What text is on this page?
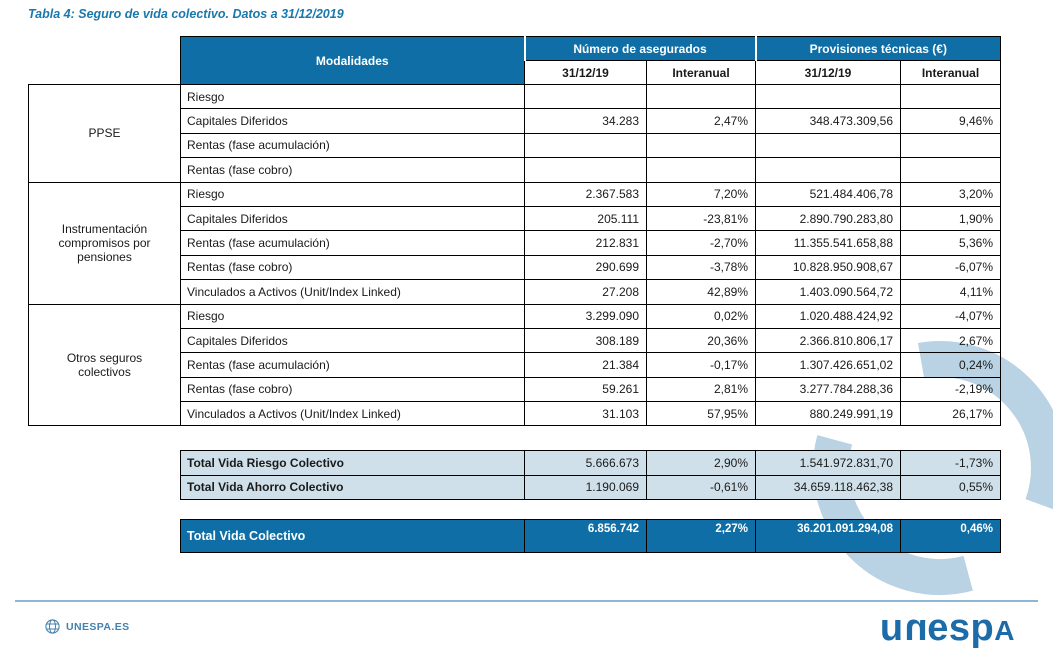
Tabla 4: Seguro de vida colectivo. Datos a 31/12/2019
Modalidades	Número de asegurados		Provisiones técnicas (€)	
	31/12/19	Interanual	31/12/19	Interanual
PPSE	Riesgo				
	Capitales Diferidos	34.283	2,47%	348.473.309,56	9,46%
	Rentas (fase acumulación)				
	Rentas (fase cobro)				
Instrumentación compromisos por pensiones	Riesgo	2.367.583	7,20%	521.484.406,78	3,20%
	Capitales Diferidos	205.111	-23,81%	2.890.790.283,80	1,90%
	Rentas (fase acumulación)	212.831	-2,70%	11.355.541.658,88	5,36%
	Rentas (fase cobro)	290.699	-3,78%	10.828.950.908,67	-6,07%
	Vinculados a Activos (Unit/Index Linked)	27.208	42,89%	1.403.090.564,72	4,11%
Otros seguros colectivos	Riesgo	3.299.090	0,02%	1.020.488.424,92	-4,07%
	Capitales Diferidos	308.189	20,36%	2.366.810.806,17	2,67%
	Rentas (fase acumulación)	21.384	-0,17%	1.307.426.651,02	0,24%
	Rentas (fase cobro)	59.261	2,81%	3.277.784.288,36	-2,19%
	Vinculados a Activos (Unit/Index Linked)	31.103	57,95%	880.249.991,19	26,17%
Total Vida Riesgo Colectivo	5.666.673	2,90%	1.541.972.831,70	-1,73%
Total Vida Ahorro Colectivo	1.190.069	-0,61%	34.659.118.462,38	0,55%
Total Vida Colectivo	6.856.742	2,27%	36.201.091.294,08	0,46%
UNESPA.ES	unespA
